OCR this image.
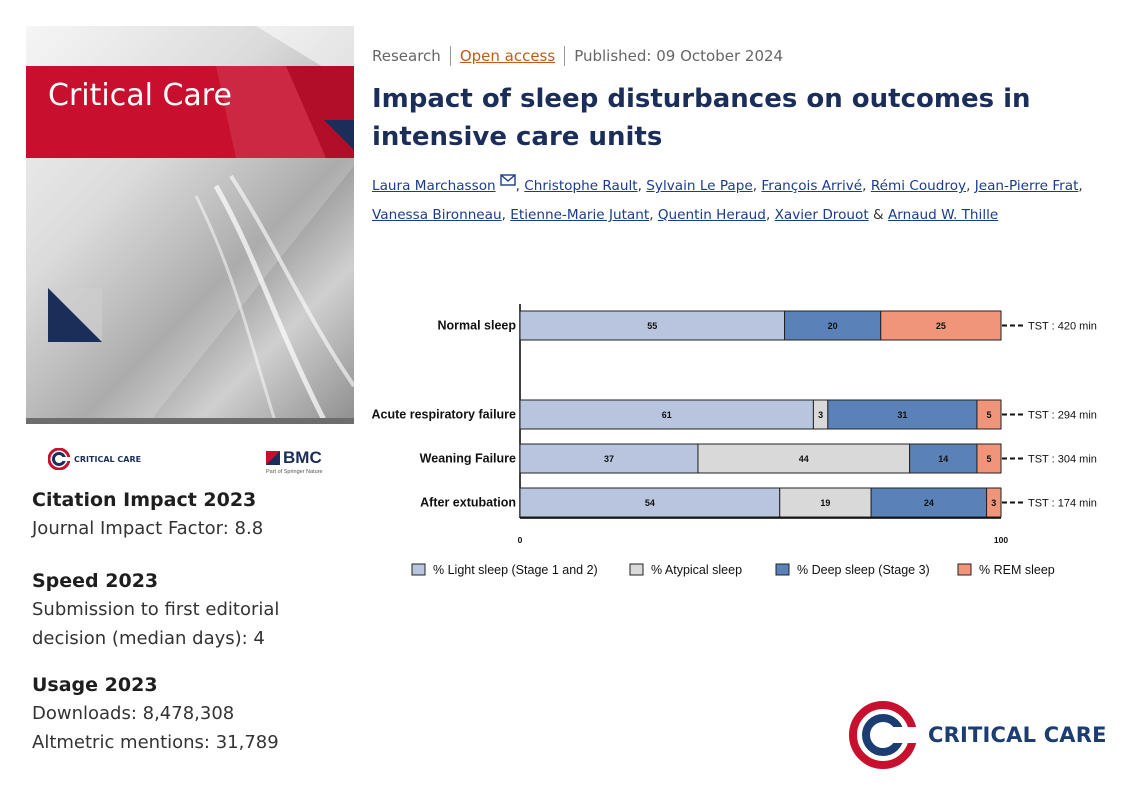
Critical Care
CRITICAL CARE	BMC
Part of Springer Nature
Citation Impact 2023
Journal Impact Factor: 8.8
Speed 2023
Submission to first editorial
decision (median days): 4
Usage 2023
Downloads: 8,478,308
Altmetric mentions: 31,789
Research Open access Published: 09 October 2024
Impact of sleep disturbances on outcomes in
intensive care units
Laura Marchasson , Christophe Rault, Sylvain Le Pape, François Arrivé, Rémi Coudroy, Jean-Pierre Frat,
Vanessa Bironneau, Etienne-Marie Jutant, Quentin Heraud, Xavier Drouot & Arnaud W. Thille
Normal sleep	55	20	25	TST : 420 min
Acute respiratory failure	61	3	31	5	TST : 294 min
Weaning Failure	37	44	14	5	TST : 304 min
After extubation	54	19	24	3	TST : 174 min
0	100
% Light sleep (Stage 1 and 2)	% Atypical sleep	% Deep sleep (Stage 3)	% REM sleep
CRITICAL CARE
